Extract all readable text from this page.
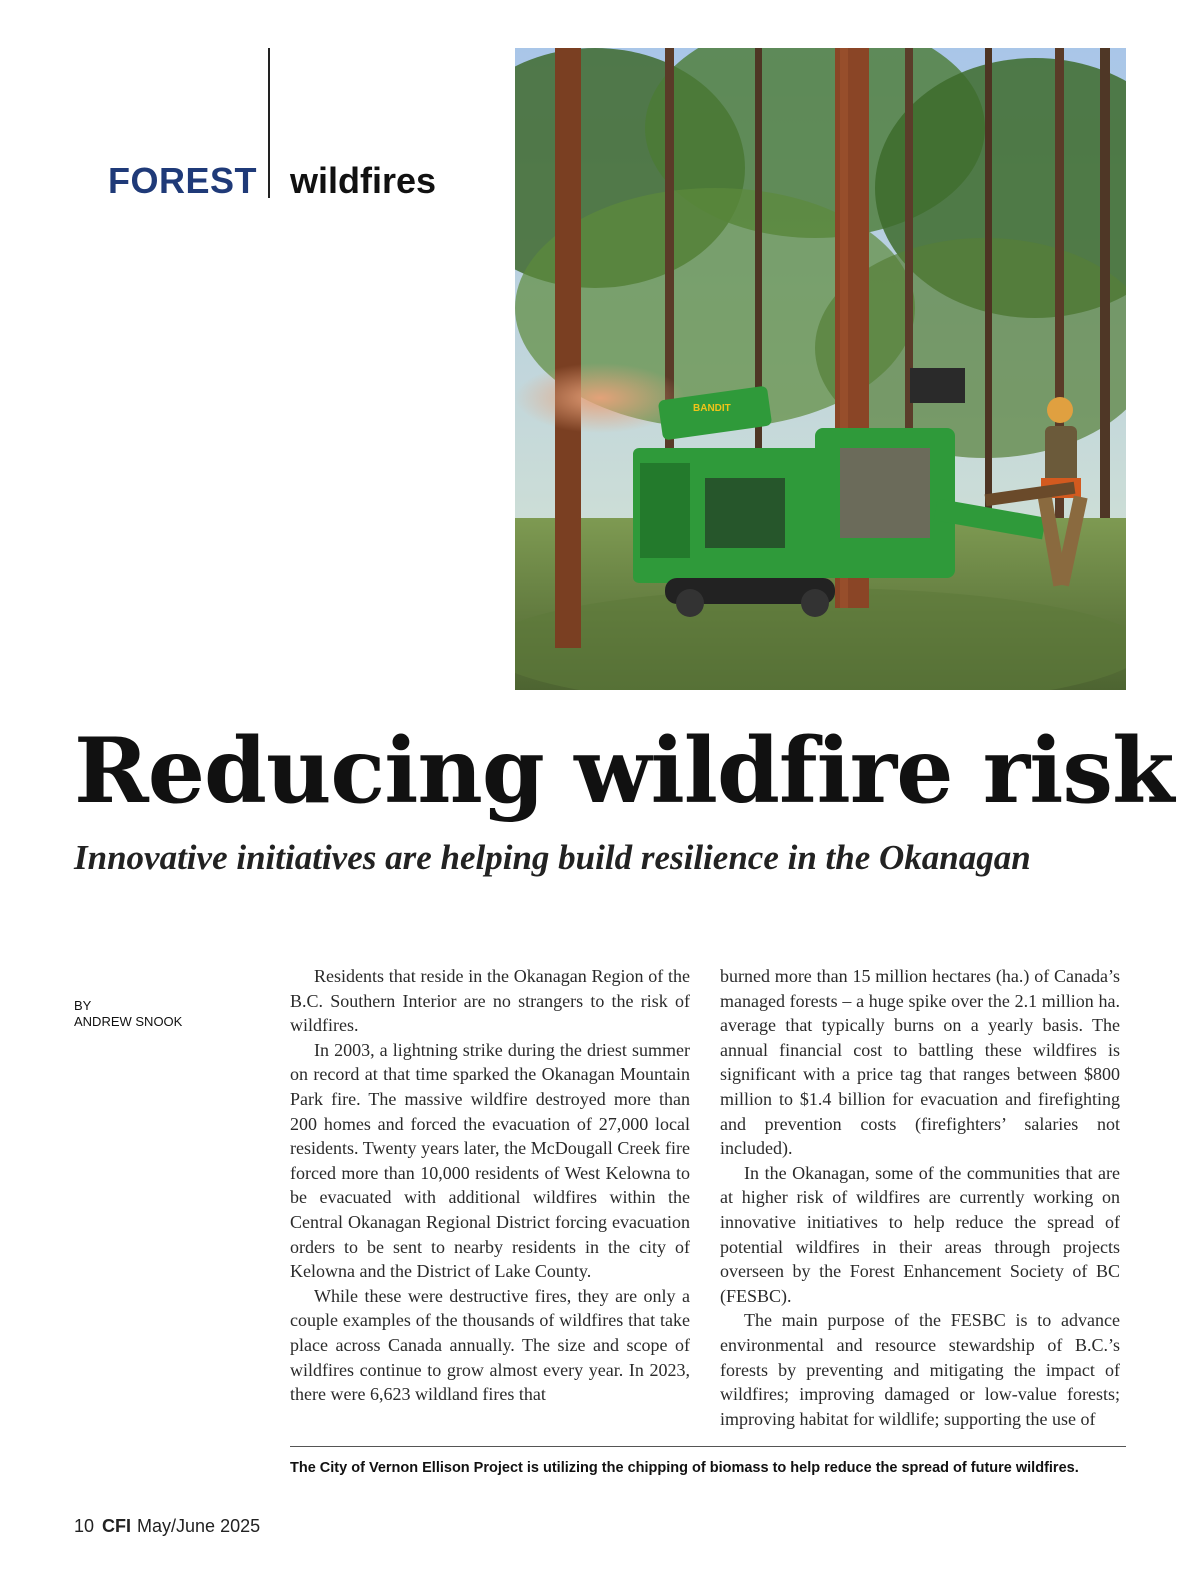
FOREST wildfires
BANDIT
Reducing wildfire risk
Innovative initiatives are helping build resilience in the Okanagan
BY
ANDREW SNOOK

Residents that reside in the Okanagan Region of the B.C. Southern Interior are no strangers to the risk of wildfires.

In 2003, a lightning strike during the driest summer on record at that time sparked the Okanagan Mountain Park fire. The massive wildfire destroyed more than 200 homes and forced the evacuation of 27,000 local residents. Twenty years later, the McDougall Creek fire forced more than 10,000 residents of West Kelowna to be evacuated with additional wildfires within the Central Okanagan Regional District forcing evacuation orders to be sent to nearby residents in the city of Kelowna and the District of Lake County.

While these were destructive fires, they are only a couple examples of the thousands of wildfires that take place across Canada annually. The size and scope of wildfires continue to grow almost every year. In 2023, there were 6,623 wildland fires that

burned more than 15 million hectares (ha.) of Canada’s managed forests – a huge spike over the 2.1 million ha. average that typically burns on a yearly basis. The annual financial cost to battling these wildfires is significant with a price tag that ranges between $800 million to $1.4 billion for evacuation and firefighting and prevention costs (firefighters’ salaries not included).

In the Okanagan, some of the communities that are at higher risk of wildfires are currently working on innovative initiatives to help reduce the spread of potential wildfires in their areas through projects overseen by the Forest Enhancement Society of BC (FESBC).

The main purpose of the FESBC is to advance environmental and resource stewardship of B.C.’s forests by preventing and mitigating the impact of wildfires; improving damaged or low-value forests; improving habitat for wildlife; supporting the use of

The City of Vernon Ellison Project is utilizing the chipping of biomass to help reduce the spread of future wildfires.
10 CFI May/June 2025
